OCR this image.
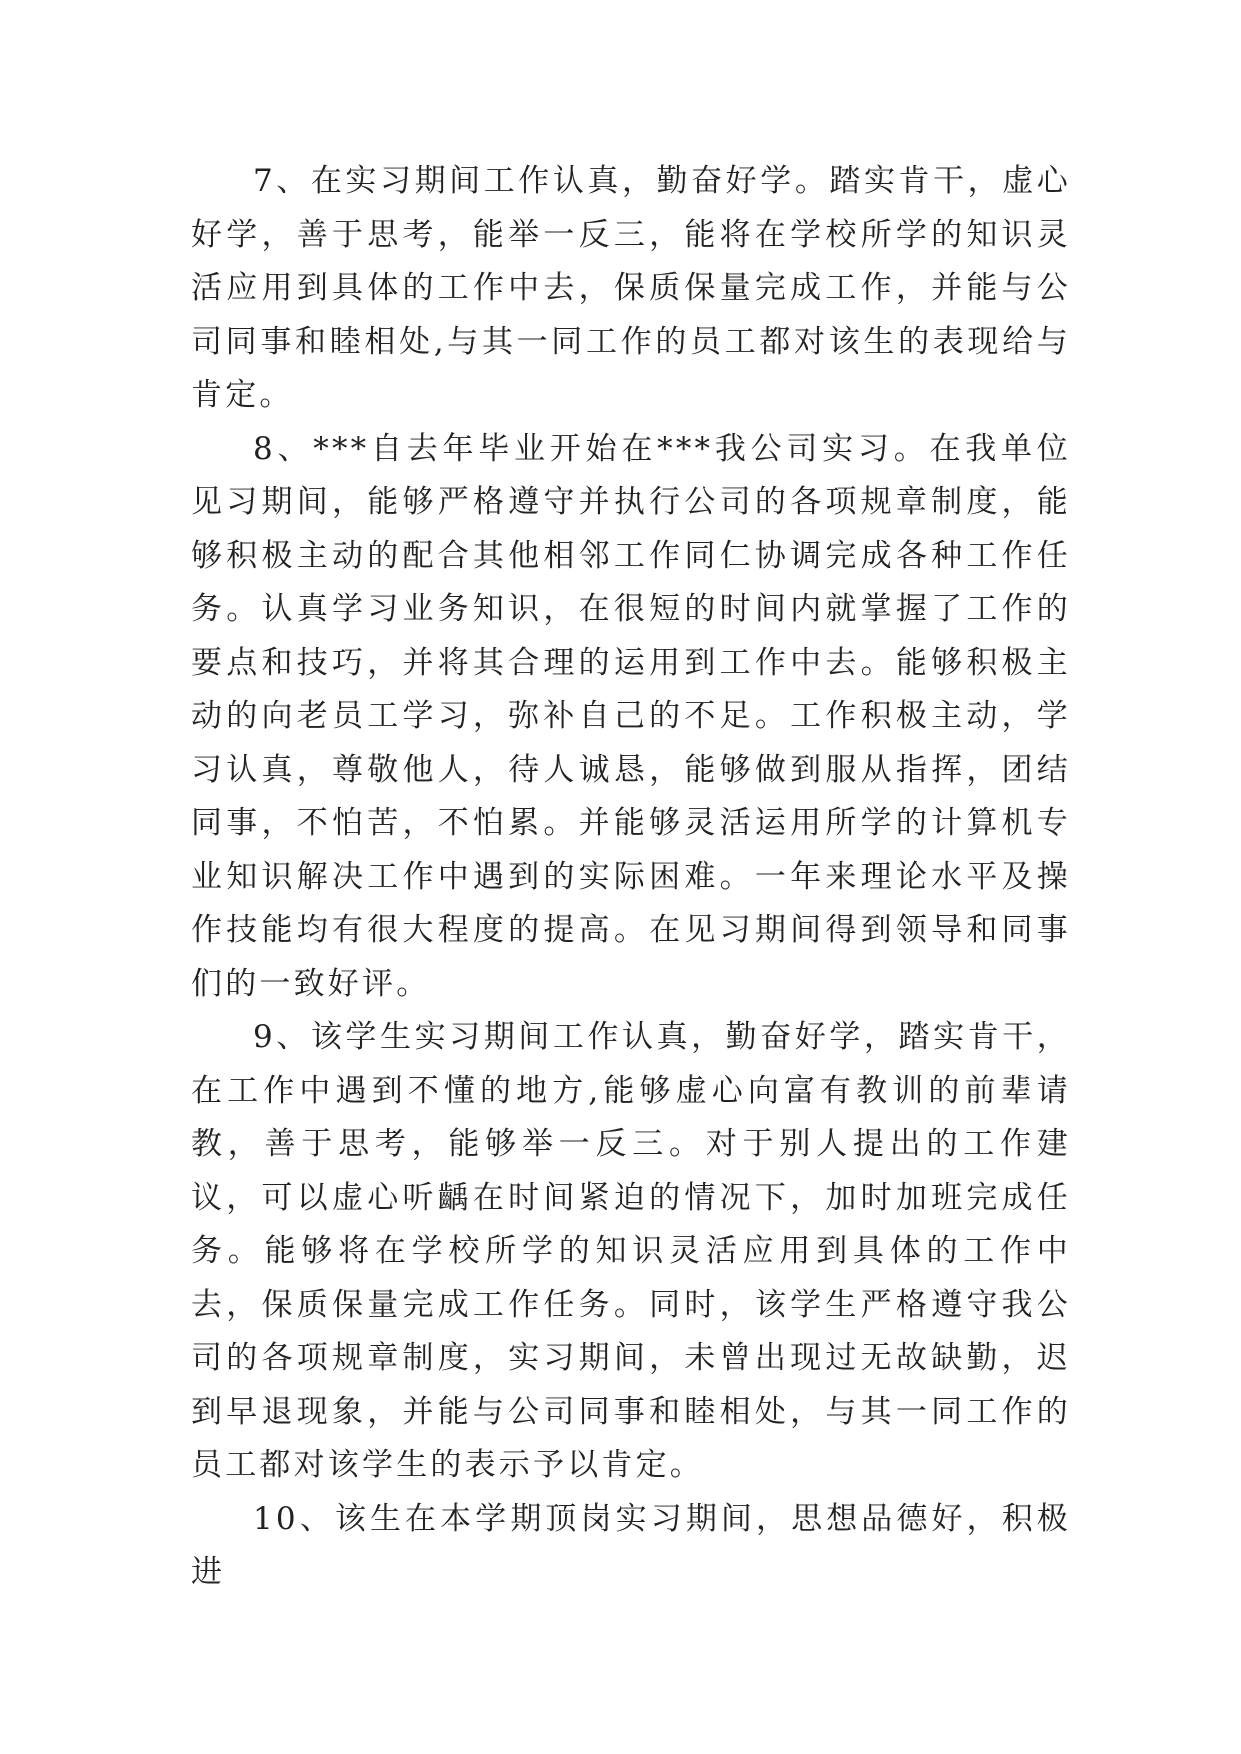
7、在实习期间工作认真，勤奋好学。踏实肯干，虚心好学，善于思考，能举一反三，能将在学校所学的知识灵活应用到具体的工作中去，保质保量完成工作，并能与公司同事和睦相处,与其一同工作的员工都对该生的表现给与肯定。

8、***自去年毕业开始在***我公司实习。在我单位见习期间，能够严格遵守并执行公司的各项规章制度，能够积极主动的配合其他相邻工作同仁协调完成各种工作任务。认真学习业务知识，在很短的时间内就掌握了工作的要点和技巧，并将其合理的运用到工作中去。能够积极主动的向老员工学习，弥补自己的不足。工作积极主动，学习认真，尊敬他人，待人诚恳，能够做到服从指挥，团结同事，不怕苦，不怕累。并能够灵活运用所学的计算机专业知识解决工作中遇到的实际困难。一年来理论水平及操作技能均有很大程度的提高。在见习期间得到领导和同事们的一致好评。

9、该学生实习期间工作认真，勤奋好学，踏实肯干，在工作中遇到不懂的地方,能够虚心向富有教训的前辈请教，善于思考，能够举一反三。对于别人提出的工作建议，可以虚心听齲在时间紧迫的情况下，加时加班完成任务。能够将在学校所学的知识灵活应用到具体的工作中去，保质保量完成工作任务。同时，该学生严格遵守我公司的各项规章制度，实习期间，未曾出现过无故缺勤，迟到早退现象，并能与公司同事和睦相处，与其一同工作的员工都对该学生的表示予以肯定。

10、该生在本学期顶岗实习期间，思想品德好，积极进
